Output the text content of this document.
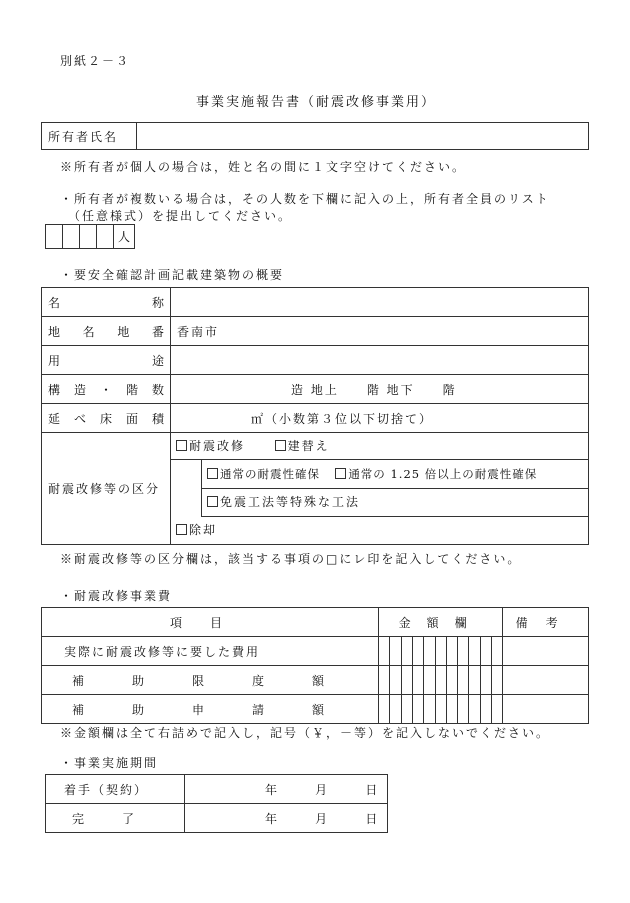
別紙２－３
事業実施報告書（耐震改修事業用）
所有者氏名	
※所有者が個人の場合は，姓と名の間に１文字空けてください。
・所有者が複数いる場合は，その人数を下欄に記入の上，所有者全員のリスト
（任意様式）を提出してください。
				人
・要安全確認計画記載建築物の概要
名称	

地名地番	香南市

用途	

構造・階数	造 地上　　階 地下　　階

延べ床面積	㎡（小数第３位以下切捨て）
耐震改修等の区分	耐震改修 建替え
通常の耐震性確保 通常の 1.25 倍以上の耐震性確保
免震工法等特殊な工法
除却
※耐震改修等の区分欄は，該当する事項の□にレ印を記入してください。
・耐震改修事業費
項目	金額欄											備考
実際に耐震改修等に要した費用												
補助限度額												
補助申請額												
※金額欄は全て右詰めで記入し，記号（￥，－等）を記入しないでください。
・事業実施期間
着手（契約）	年 月 日
完了	年 月 日
